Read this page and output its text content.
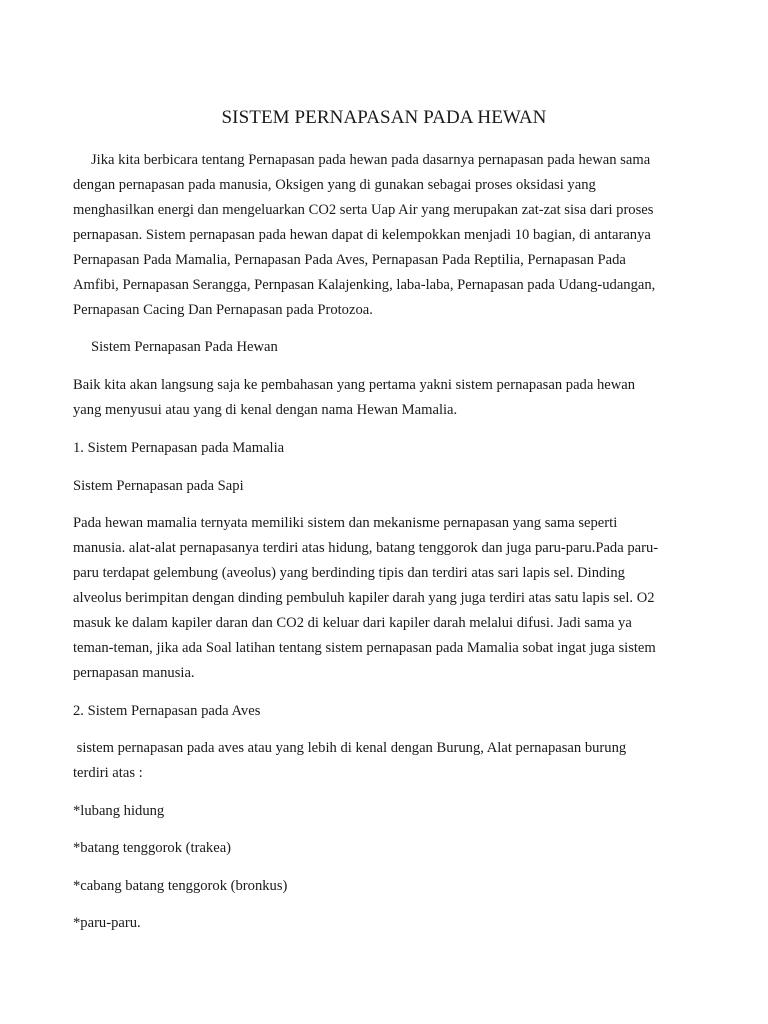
SISTEM PERNAPASAN PADA HEWAN
Jika kita berbicara tentang Pernapasan pada hewan pada dasarnya pernapasan pada hewan sama
dengan pernapasan pada manusia, Oksigen yang di gunakan sebagai proses oksidasi yang
menghasilkan energi dan mengeluarkan CO2 serta Uap Air yang merupakan zat-zat sisa dari proses
pernapasan. Sistem pernapasan pada hewan dapat di kelempokkan menjadi 10 bagian, di antaranya
Pernapasan Pada Mamalia, Pernapasan Pada Aves, Pernapasan Pada Reptilia, Pernapasan Pada
Amfibi, Pernapasan Serangga, Pernpasan Kalajenking, laba-laba, Pernapasan pada Udang-udangan,
Pernapasan Cacing Dan Pernapasan pada Protozoa.
Sistem Pernapasan Pada Hewan
Baik kita akan langsung saja ke pembahasan yang pertama yakni sistem pernapasan pada hewan
yang menyusui atau yang di kenal dengan nama Hewan Mamalia.
1. Sistem Pernapasan pada Mamalia
Sistem Pernapasan pada Sapi
Pada hewan mamalia ternyata memiliki sistem dan mekanisme pernapasan yang sama seperti
manusia. alat-alat pernapasanya terdiri atas hidung, batang tenggorok dan juga paru-paru.Pada paru-
paru terdapat gelembung (aveolus) yang berdinding tipis dan terdiri atas sari lapis sel. Dinding
alveolus berimpitan dengan dinding pembuluh kapiler darah yang juga terdiri atas satu lapis sel. O2
masuk ke dalam kapiler daran dan CO2 di keluar dari kapiler darah melalui difusi. Jadi sama ya
teman-teman, jika ada Soal latihan tentang sistem pernapasan pada Mamalia sobat ingat juga sistem
pernapasan manusia.
2. Sistem Pernapasan pada Aves
sistem pernapasan pada aves atau yang lebih di kenal dengan Burung, Alat pernapasan burung
terdiri atas :
*lubang hidung
*batang tenggorok (trakea)
*cabang batang tenggorok (bronkus)
*paru-paru.
